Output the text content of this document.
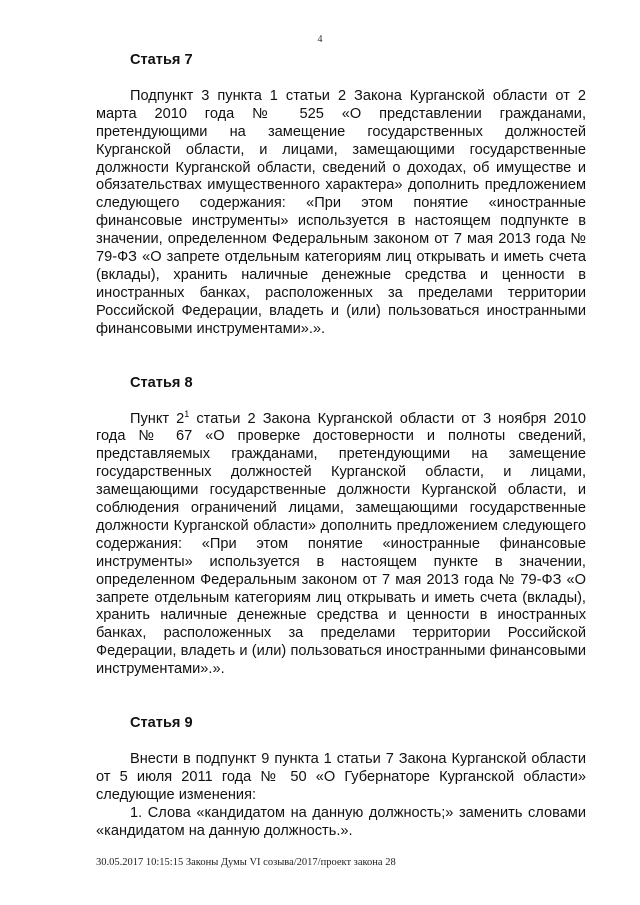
4
Статья 7

Подпункт 3 пункта 1 статьи 2 Закона Курганской области от 2 марта 2010 года № 525 «О представлении гражданами, претендующими на замещение государственных должностей Курганской области, и лицами, замещающими государственные должности Курганской области, сведений о доходах, об имуществе и обязательствах имущественного характера» дополнить предложением следующего содержания: «При этом понятие «иностранные финансовые инструменты» используется в настоящем подпункте в значении, определенном Федеральным законом от 7 мая 2013 года № 79-ФЗ «О запрете отдельным категориям лиц открывать и иметь счета (вклады), хранить наличные денежные средства и ценности в иностранных банках, расположенных за пределами территории Российской Федерации, владеть и (или) пользоваться иностранными финансовыми инструментами».».

Статья 8

Пункт $2^1$ статьи 2 Закона Курганской области от 3 ноября 2010 года № 67 «О проверке достоверности и полноты сведений, представляемых гражданами, претендующими на замещение государственных должностей Курганской области, и лицами, замещающими государственные должности Курганской области, и соблюдения ограничений лицами, замещающими государственные должности Курганской области» дополнить предложением следующего содержания: «При этом понятие «иностранные финансовые инструменты» используется в настоящем пункте в значении, определенном Федеральным законом от 7 мая 2013 года № 79-ФЗ «О запрете отдельным категориям лиц открывать и иметь счета (вклады), хранить наличные денежные средства и ценности в иностранных банках, расположенных за пределами территории Российской Федерации, владеть и (или) пользоваться иностранными финансовыми инструментами».».

Статья 9

Внести в подпункт 9 пункта 1 статьи 7 Закона Курганской области от 5 июля 2011 года № 50 «О Губернаторе Курганской области» следующие изменения:

1. Слова «кандидатом на данную должность;» заменить словами «кандидатом на данную должность.».

30.05.2017 10:15:15 Законы Думы VI созыва/2017/проект закона 28
